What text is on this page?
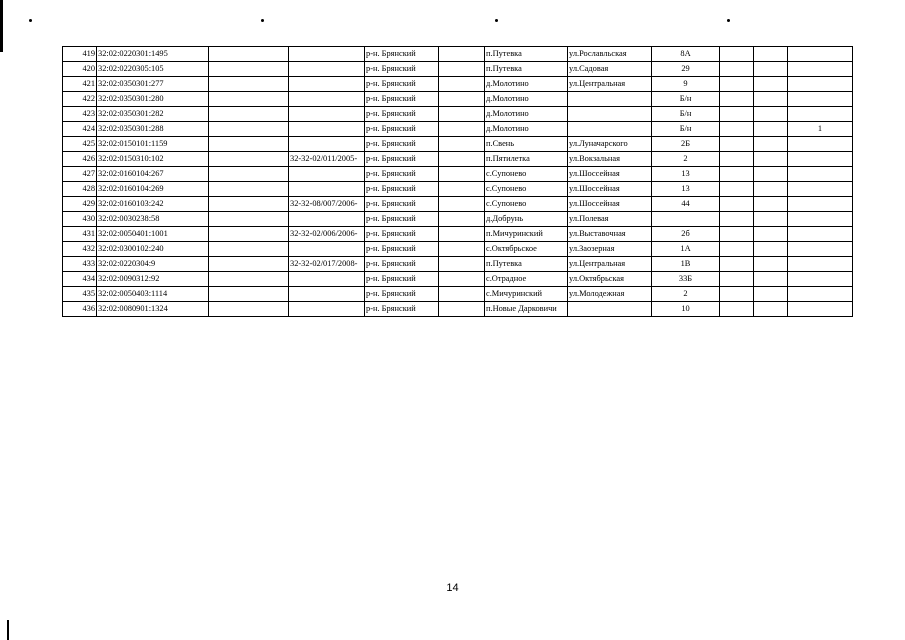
419	32:02:0220301:1495			р-н. Брянский		п.Путевка	ул.Рославльская	8А			
420	32:02:0220305:105			р-н. Брянский		п.Путевка	ул.Садовая	29			
421	32:02:0350301:277			р-н. Брянский		д.Молотино	ул.Центральная	9			
422	32:02:0350301:280			р-н. Брянский		д.Молотино		Б/н			
423	32:02:0350301:282			р-н. Брянский		д.Молотино		Б/н			
424	32:02:0350301:288			р-н. Брянский		д.Молотино		Б/н			1
425	32:02:0150101:1159			р-н. Брянский		п.Свень	ул.Луначарского	2Б			
426	32:02:0150310:102		32-32-02/011/2005-	р-н. Брянский		п.Пятилетка	ул.Вокзальная	2			
427	32:02:0160104:267			р-н. Брянский		с.Супонево	ул.Шоссейная	13			
428	32:02:0160104:269			р-н. Брянский		с.Супонево	ул.Шоссейная	13			
429	32:02:0160103:242		32-32-08/007/2006-	р-н. Брянский		с.Супонево	ул.Шоссейная	44			
430	32:02:0030238:58			р-н. Брянский		д.Добрунь	ул.Полевая				
431	32:02:0050401:1001		32-32-02/006/2006-	р-н. Брянский		п.Мичуринский	ул.Выставочная	2б			
432	32:02:0300102:240			р-н. Брянский		с.Октябрьское	ул.Заозерная	1А			
433	32:02:0220304:9		32-32-02/017/2008-	р-н. Брянский		п.Путевка	ул.Центральная	1В			
434	32:02:0090312:92			р-н. Брянский		с.Отрадное	ул.Октябрьская	33Б			
435	32:02:0050403:1114			р-н. Брянский		с.Мичуринский	ул.Молодежная	2			
436	32:02:0080901:1324			р-н. Брянский		п.Новые Дарковичи		10			
14
